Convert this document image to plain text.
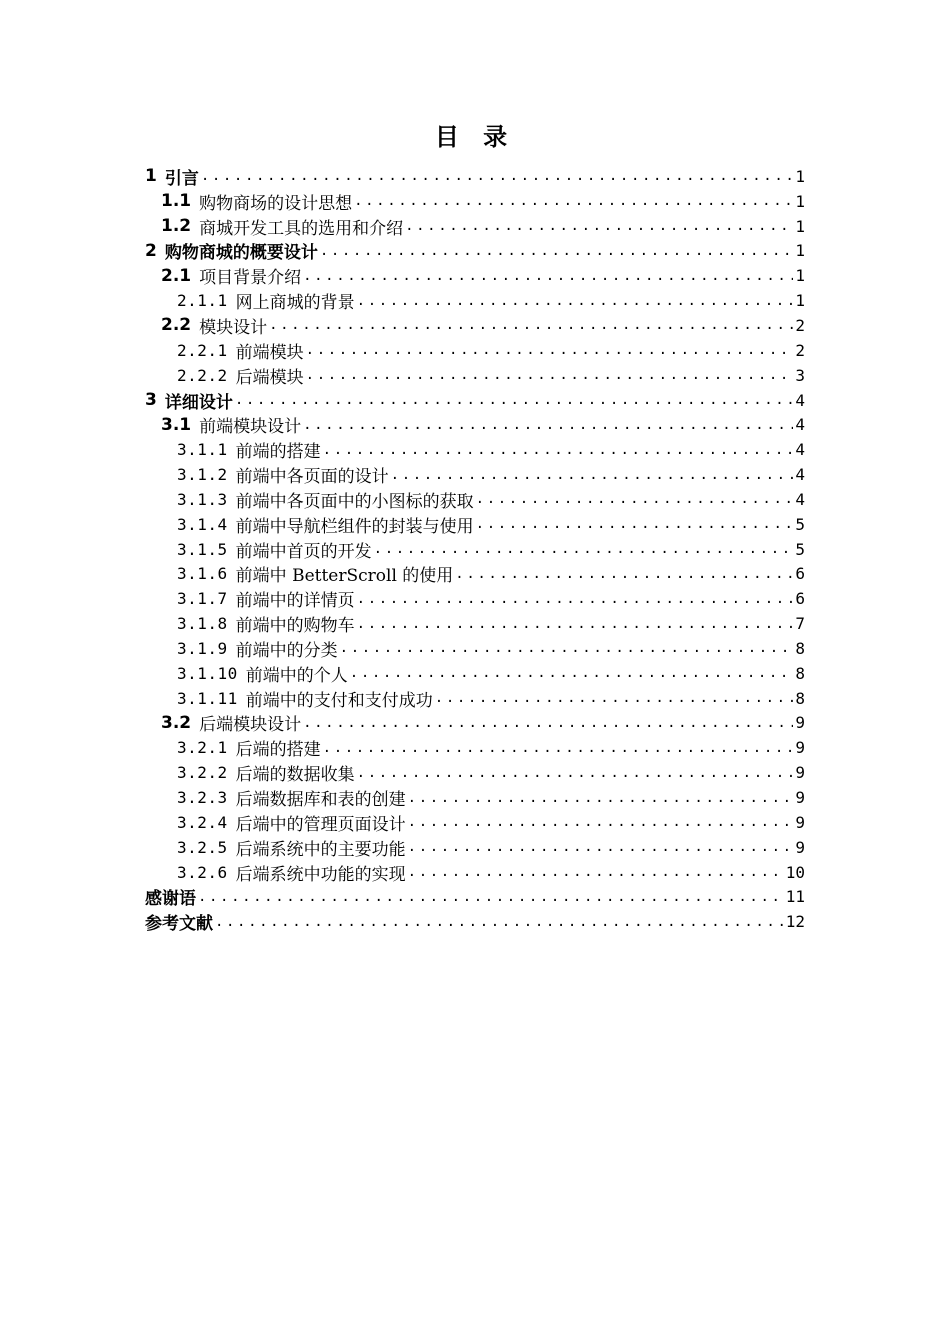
目 录
1 引言 .....	1
1.1 购物商场的设计思想 .....	1
1.2 商城开发工具的选用和介绍 .....	1
2 购物商城的概要设计 .....	1
2.1 项目背景介绍 .....	1
2.1.1 网上商城的背景 .....	1
2.2 模块设计 .....	2
2.2.1 前端模块 .....	2
2.2.2 后端模块 .....	3
3 详细设计 .....	4
3.1 前端模块设计 .....	4
3.1.1 前端的搭建 .....	4
3.1.2 前端中各页面的设计 .....	4
3.1.3 前端中各页面中的小图标的获取 .....	4
3.1.4 前端中导航栏组件的封装与使用 .....	5
3.1.5 前端中首页的开发 .....	5
3.1.6 前端中 BetterScroll 的使用 .....	6
3.1.7 前端中的详情页 .....	6
3.1.8 前端中的购物车 .....	7
3.1.9 前端中的分类 .....	8
3.1.10 前端中的个人 .....	8
3.1.11 前端中的支付和支付成功 .....	8
3.2 后端模块设计 .....	9
3.2.1 后端的搭建 .....	9
3.2.2 后端的数据收集 .....	9
3.2.3 后端数据库和表的创建 .....	9
3.2.4 后端中的管理页面设计 .....	9
3.2.5 后端系统中的主要功能 .....	9
3.2.6 后端系统中功能的实现 .....	10
感谢语 .....	11
参考文献 .....	12
